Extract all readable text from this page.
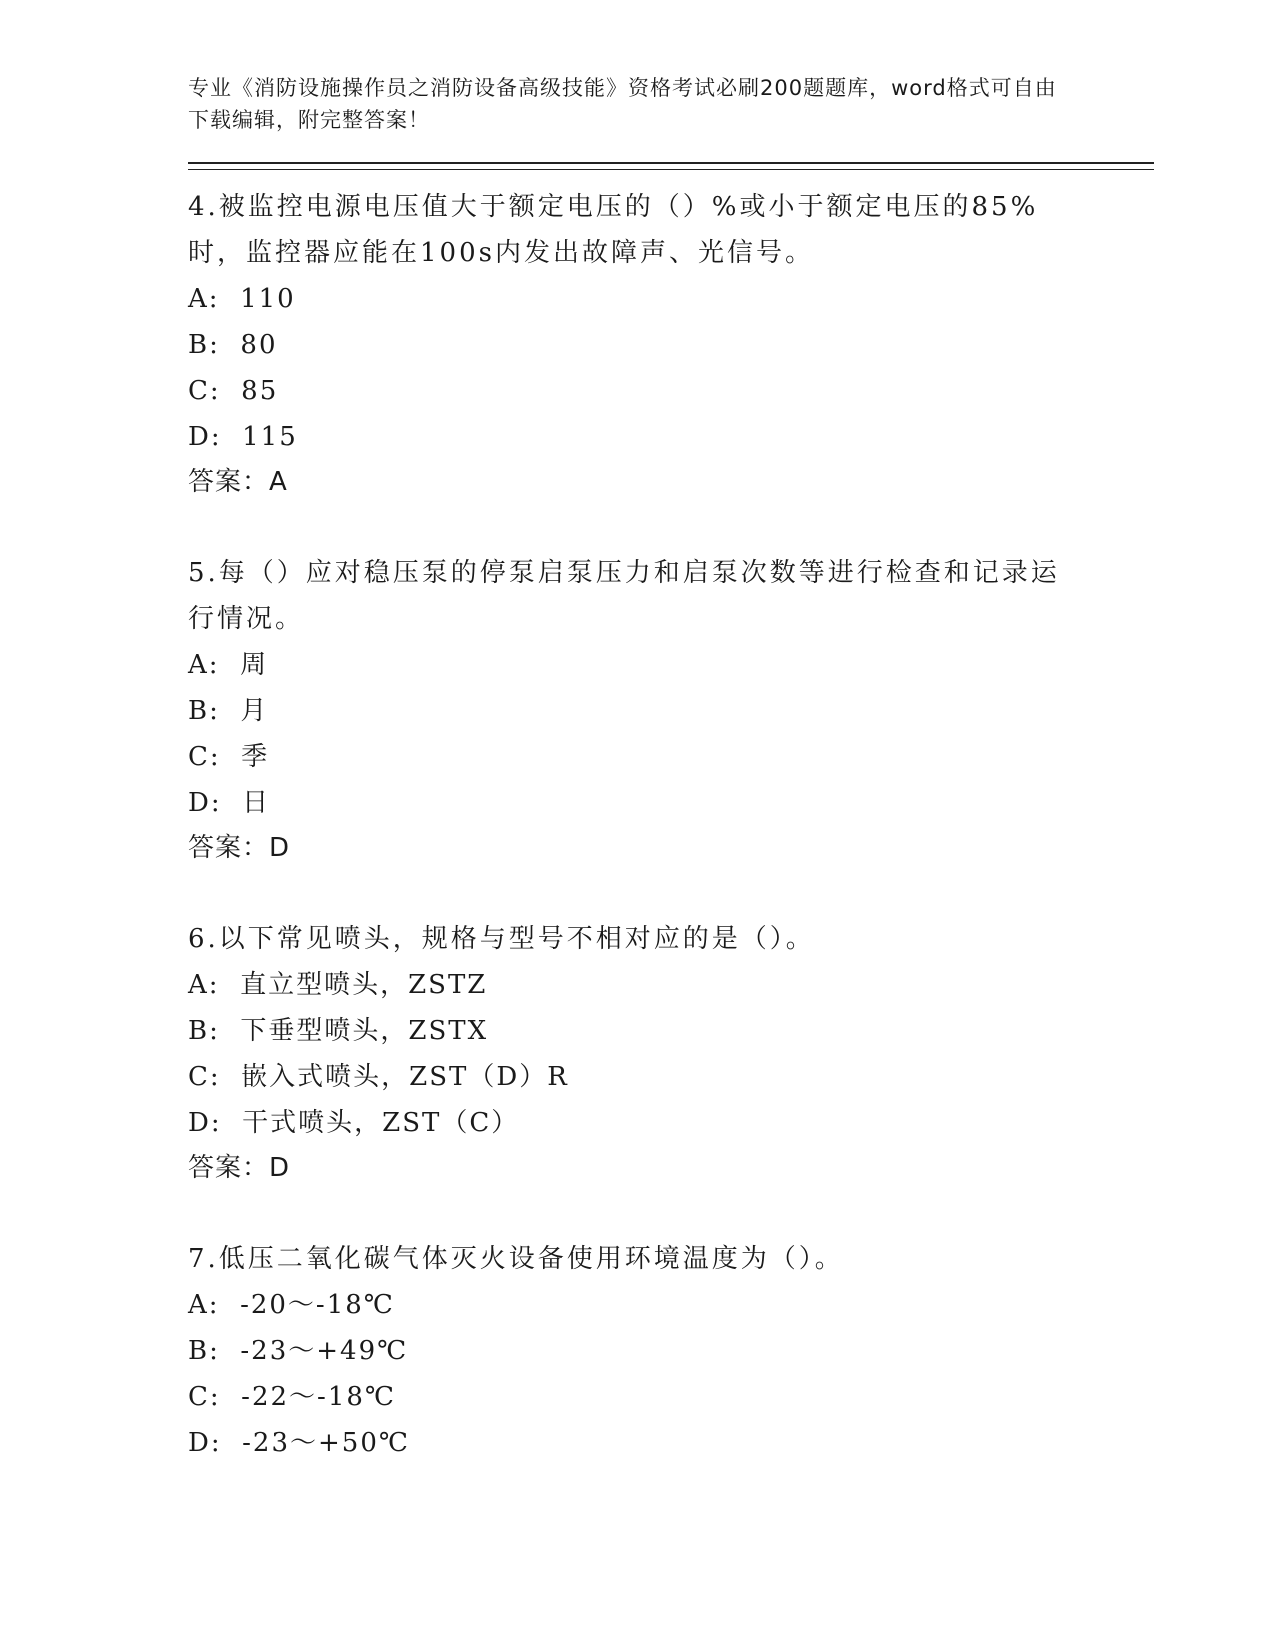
专业《消防设施操作员之消防设备高级技能》资格考试必刷200题题库，word格式可自由下载编辑，附完整答案！

4.被监控电源电压值大于额定电压的（）%或小于额定电压的85%时，监控器应能在100s内发出故障声、光信号。

A:  110

B:  80

C:  85

D:  115

答案：A

5.每（）应对稳压泵的停泵启泵压力和启泵次数等进行检查和记录运行情况。

A:  周

B:  月

C:  季

D:  日

答案：D

6.以下常见喷头，规格与型号不相对应的是（）。

A:  直立型喷头，ZSTZ

B:  下垂型喷头，ZSTX

C:  嵌入式喷头，ZST（D）R

D:  干式喷头，ZST（C）

答案：D

7.低压二氧化碳气体灭火设备使用环境温度为（）。

A:  -20～-18℃

B:  -23～+49℃

C:  -22～-18℃

D:  -23～+50℃
